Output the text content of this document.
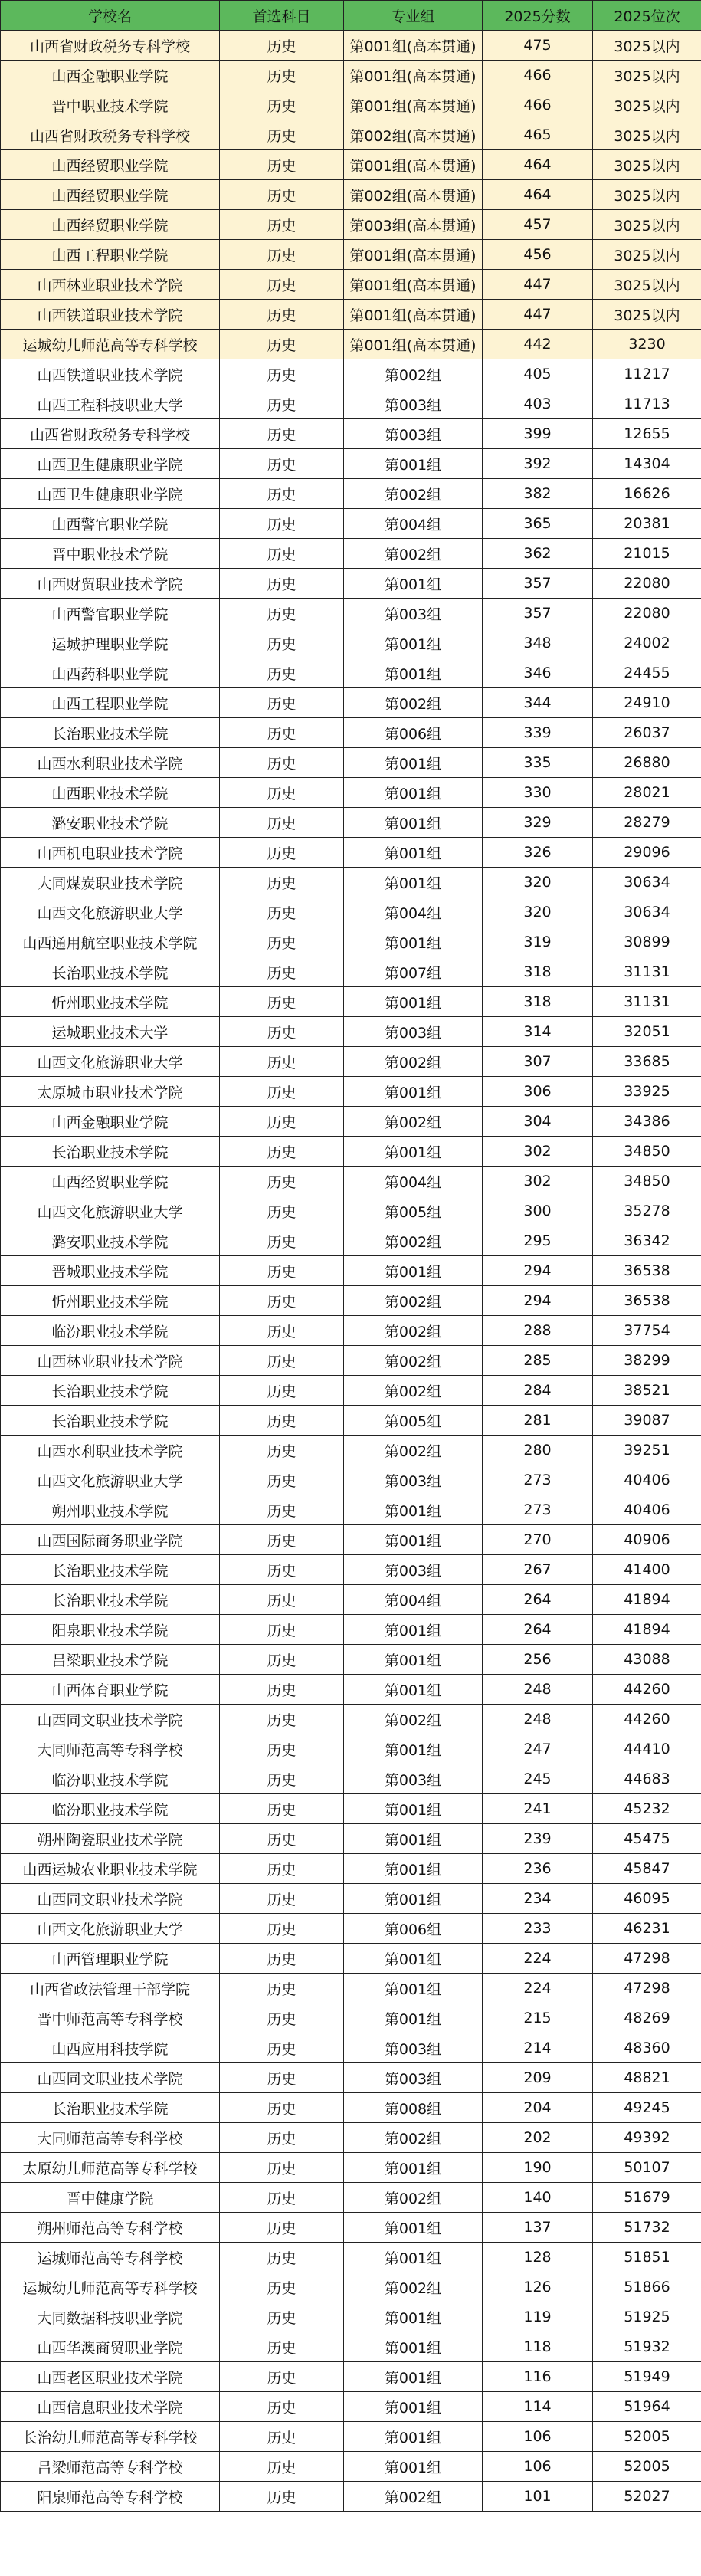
学校名	首选科目	专业组	2025分数	2025位次
山西省财政税务专科学校	历史	第001组(高本贯通)	475	3025以内
山西金融职业学院	历史	第001组(高本贯通)	466	3025以内
晋中职业技术学院	历史	第001组(高本贯通)	466	3025以内
山西省财政税务专科学校	历史	第002组(高本贯通)	465	3025以内
山西经贸职业学院	历史	第001组(高本贯通)	464	3025以内
山西经贸职业学院	历史	第002组(高本贯通)	464	3025以内
山西经贸职业学院	历史	第003组(高本贯通)	457	3025以内
山西工程职业学院	历史	第001组(高本贯通)	456	3025以内
山西林业职业技术学院	历史	第001组(高本贯通)	447	3025以内
山西铁道职业技术学院	历史	第001组(高本贯通)	447	3025以内
运城幼儿师范高等专科学校	历史	第001组(高本贯通)	442	3230
山西铁道职业技术学院	历史	第002组	405	11217
山西工程科技职业大学	历史	第003组	403	11713
山西省财政税务专科学校	历史	第003组	399	12655
山西卫生健康职业学院	历史	第001组	392	14304
山西卫生健康职业学院	历史	第002组	382	16626
山西警官职业学院	历史	第004组	365	20381
晋中职业技术学院	历史	第002组	362	21015
山西财贸职业技术学院	历史	第001组	357	22080
山西警官职业学院	历史	第003组	357	22080
运城护理职业学院	历史	第001组	348	24002
山西药科职业学院	历史	第001组	346	24455
山西工程职业学院	历史	第002组	344	24910
长治职业技术学院	历史	第006组	339	26037
山西水利职业技术学院	历史	第001组	335	26880
山西职业技术学院	历史	第001组	330	28021
潞安职业技术学院	历史	第001组	329	28279
山西机电职业技术学院	历史	第001组	326	29096
大同煤炭职业技术学院	历史	第001组	320	30634
山西文化旅游职业大学	历史	第004组	320	30634
山西通用航空职业技术学院	历史	第001组	319	30899
长治职业技术学院	历史	第007组	318	31131
忻州职业技术学院	历史	第001组	318	31131
运城职业技术大学	历史	第003组	314	32051
山西文化旅游职业大学	历史	第002组	307	33685
太原城市职业技术学院	历史	第001组	306	33925
山西金融职业学院	历史	第002组	304	34386
长治职业技术学院	历史	第001组	302	34850
山西经贸职业学院	历史	第004组	302	34850
山西文化旅游职业大学	历史	第005组	300	35278
潞安职业技术学院	历史	第002组	295	36342
晋城职业技术学院	历史	第001组	294	36538
忻州职业技术学院	历史	第002组	294	36538
临汾职业技术学院	历史	第002组	288	37754
山西林业职业技术学院	历史	第002组	285	38299
长治职业技术学院	历史	第002组	284	38521
长治职业技术学院	历史	第005组	281	39087
山西水利职业技术学院	历史	第002组	280	39251
山西文化旅游职业大学	历史	第003组	273	40406
朔州职业技术学院	历史	第001组	273	40406
山西国际商务职业学院	历史	第001组	270	40906
长治职业技术学院	历史	第003组	267	41400
长治职业技术学院	历史	第004组	264	41894
阳泉职业技术学院	历史	第001组	264	41894
吕梁职业技术学院	历史	第001组	256	43088
山西体育职业学院	历史	第001组	248	44260
山西同文职业技术学院	历史	第002组	248	44260
大同师范高等专科学校	历史	第001组	247	44410
临汾职业技术学院	历史	第003组	245	44683
临汾职业技术学院	历史	第001组	241	45232
朔州陶瓷职业技术学院	历史	第001组	239	45475
山西运城农业职业技术学院	历史	第001组	236	45847
山西同文职业技术学院	历史	第001组	234	46095
山西文化旅游职业大学	历史	第006组	233	46231
山西管理职业学院	历史	第001组	224	47298
山西省政法管理干部学院	历史	第001组	224	47298
晋中师范高等专科学校	历史	第001组	215	48269
山西应用科技学院	历史	第003组	214	48360
山西同文职业技术学院	历史	第003组	209	48821
长治职业技术学院	历史	第008组	204	49245
大同师范高等专科学校	历史	第002组	202	49392
太原幼儿师范高等专科学校	历史	第001组	190	50107
晋中健康学院	历史	第002组	140	51679
朔州师范高等专科学校	历史	第001组	137	51732
运城师范高等专科学校	历史	第001组	128	51851
运城幼儿师范高等专科学校	历史	第002组	126	51866
大同数据科技职业学院	历史	第001组	119	51925
山西华澳商贸职业学院	历史	第001组	118	51932
山西老区职业技术学院	历史	第001组	116	51949
山西信息职业技术学院	历史	第001组	114	51964
长治幼儿师范高等专科学校	历史	第001组	106	52005
吕梁师范高等专科学校	历史	第001组	106	52005
阳泉师范高等专科学校	历史	第002组	101	52027
